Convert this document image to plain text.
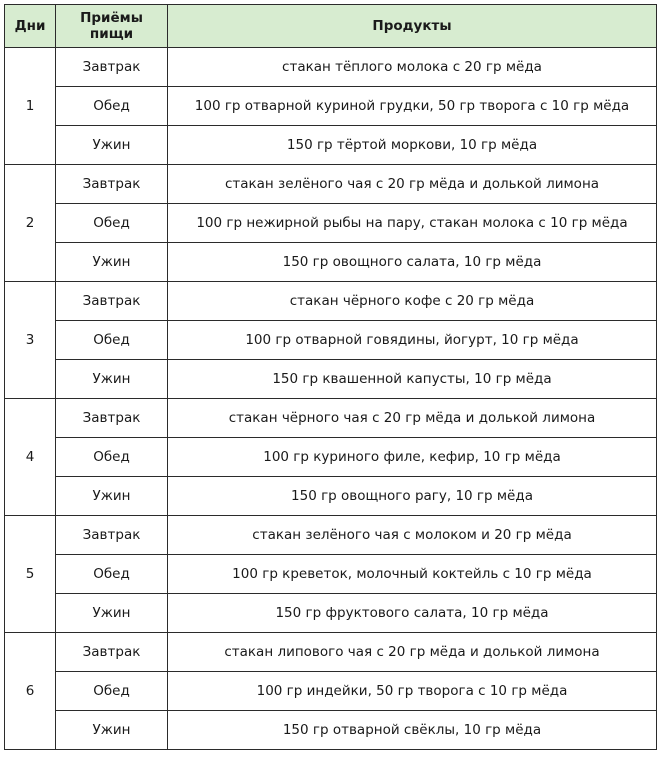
Дни	Приёмы пищи	Продукты
1	Завтрак	стакан тёплого молока с 20 гр мёда
	Обед	100 гр отварной куриной грудки, 50 гр творога с 10 гр мёда
	Ужин	150 гр тёртой моркови, 10 гр мёда
2	Завтрак	стакан зелёного чая с 20 гр мёда и долькой лимона
	Обед	100 гр нежирной рыбы на пару, стакан молока с 10 гр мёда
	Ужин	150 гр овощного салата, 10 гр мёда
3	Завтрак	стакан чёрного кофе с 20 гр мёда
	Обед	100 гр отварной говядины, йогурт, 10 гр мёда
	Ужин	150 гр квашенной капусты, 10 гр мёда
4	Завтрак	стакан чёрного чая с 20 гр мёда и долькой лимона
	Обед	100 гр куриного филе, кефир, 10 гр мёда
	Ужин	150 гр овощного рагу, 10 гр мёда
5	Завтрак	стакан зелёного чая с молоком и 20 гр мёда
	Обед	100 гр креветок, молочный коктейль с 10 гр мёда
	Ужин	150 гр фруктового салата, 10 гр мёда
6	Завтрак	стакан липового чая с 20 гр мёда и долькой лимона
	Обед	100 гр индейки, 50 гр творога с 10 гр мёда
	Ужин	150 гр отварной свёклы, 10 гр мёда
